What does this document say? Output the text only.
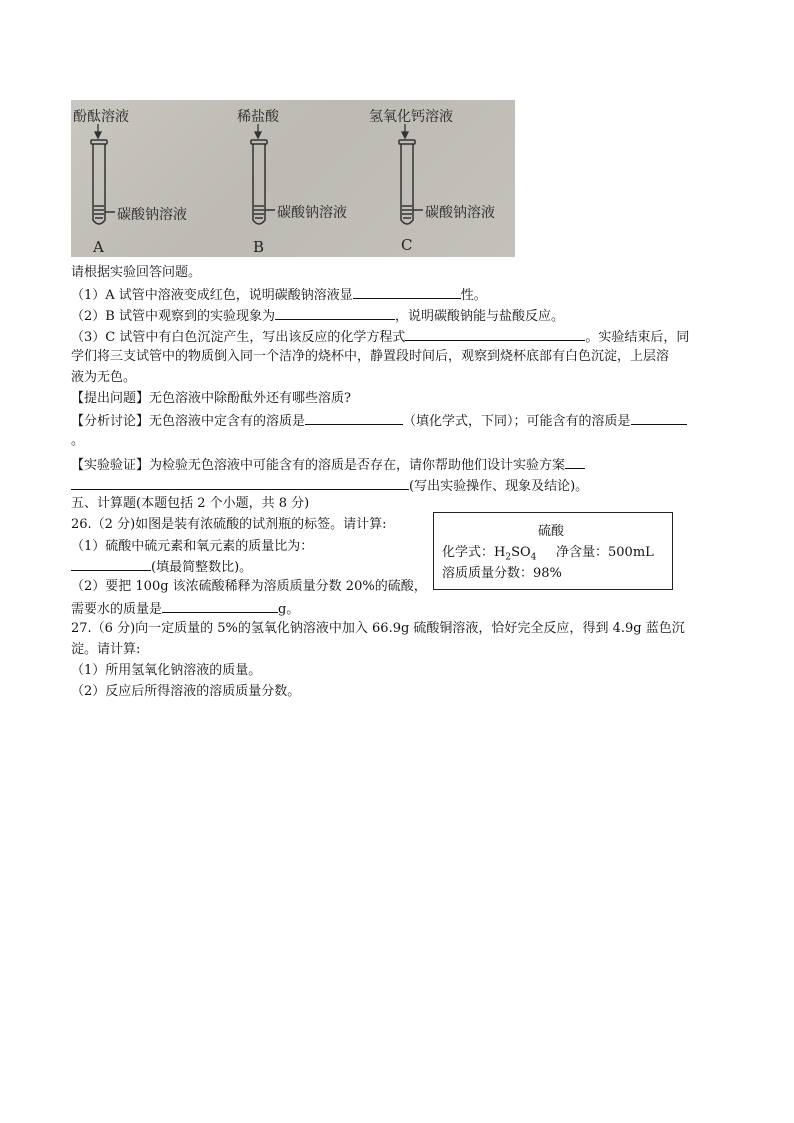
酚酞溶液	稀盐酸	氢氧化钙溶液
碳酸钠溶液	碳酸钠溶液	碳酸钠溶液
A	B	C
请根据实验回答问题。
（1）A 试管中溶液变成红色，说明碳酸钠溶液显	性。
（2）B 试管中观察到的实验现象为	，说明碳酸钠能与盐酸反应。
（3）C 试管中有白色沉淀产生，写出该反应的化学方程式	。实验结束后，同
学们将三支试管中的物质倒入同一个洁净的烧杯中，静置段时间后，观察到烧杯底部有白色沉淀，上层溶
液为无色。
【提出问题】无色溶液中除酚酞外还有哪些溶质?
【分析讨论】无色溶液中定含有的溶质是	（填化学式，下同）；可能含有的溶质是
。
【实验验证】为检验无色溶液中可能含有的溶质是否存在，请你帮助他们设计实验方案
(写出实验操作、现象及结论)。
五、计算题(本题包括 2 个小题，共 8 分)
26.（2 分)如图是装有浓硫酸的试剂瓶的标签。请计算:
（1）硫酸中硫元素和氧元素的质量比为：
(填最简整数比)。
（2）要把 100g 该浓硫酸稀释为溶质质量分数 20%的硫酸，
需要水的质量是	g。
27.（6 分)向一定质量的 5%的氢氧化钠溶液中加入 66.9g 硫酸铜溶液，恰好完全反应，得到 4.9g 蓝色沉
淀。请计算:
（1）所用氢氧化钠溶液的质量。
（2）反应后所得溶液的溶质质量分数。
硫酸
化学式：$H_2SO_4$ 净含量：500mL
溶质质量分数：98%
